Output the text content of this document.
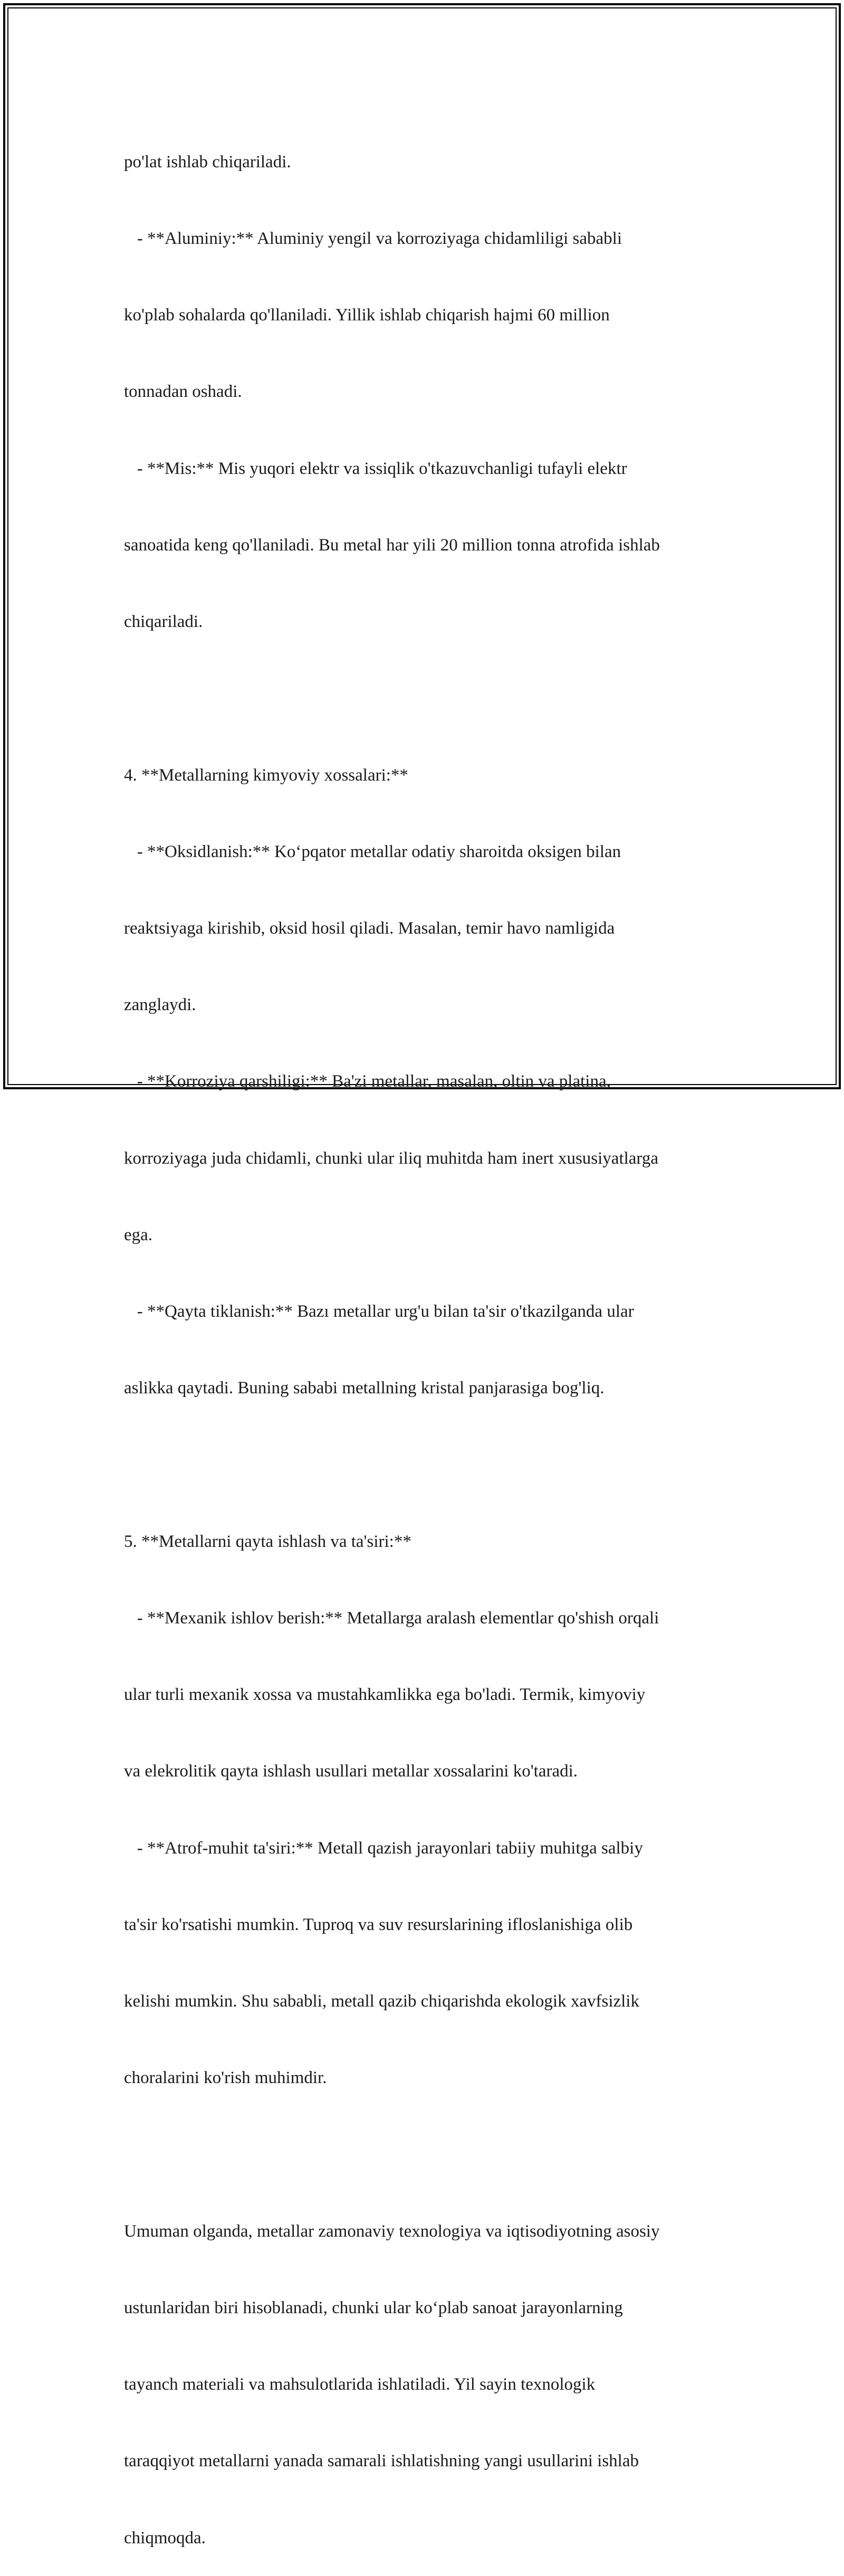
po'lat ishlab chiqariladi.

- **Aluminiy:** Aluminiy yengil va korroziyaga chidamliligi sababli

ko'plab sohalarda qo'llaniladi. Yillik ishlab chiqarish hajmi 60 million

tonnadan oshadi.

- **Mis:** Mis yuqori elektr va issiqlik o'tkazuvchanligi tufayli elektr

sanoatida keng qo'llaniladi. Bu metal har yili 20 million tonna atrofida ishlab

chiqariladi.

4. **Metallarning kimyoviy xossalari:**

- **Oksidlanish:** Ko‘pqator metallar odatiy sharoitda oksigen bilan

reaktsiyaga kirishib, oksid hosil qiladi. Masalan, temir havo namligida

zanglaydi.

- **Korroziya qarshiligi:** Ba'zi metallar, masalan, oltin va platina,

korroziyaga juda chidamli, chunki ular iliq muhitda ham inert xususiyatlarga

ega.

- **Qayta tiklanish:** Bazı metallar urg'u bilan ta'sir o'tkazilganda ular

aslikka qaytadi. Buning sababi metallning kristal panjarasiga bog'liq.

5. **Metallarni qayta ishlash va ta'siri:**

- **Mexanik ishlov berish:** Metallarga aralash elementlar qo'shish orqali

ular turli mexanik xossa va mustahkamlikka ega bo'ladi. Termik, kimyoviy

va elekrolitik qayta ishlash usullari metallar xossalarini ko'taradi.

- **Atrof-muhit ta'siri:** Metall qazish jarayonlari tabiiy muhitga salbiy

ta'sir ko'rsatishi mumkin. Tuproq va suv resurslarining ifloslanishiga olib

kelishi mumkin. Shu sababli, metall qazib chiqarishda ekologik xavfsizlik

choralarini ko'rish muhimdir.

Umuman olganda, metallar zamonaviy texnologiya va iqtisodiyotning asosiy

ustunlaridan biri hisoblanadi, chunki ular ko‘plab sanoat jarayonlarning

tayanch materiali va mahsulotlarida ishlatiladi. Yil sayin texnologik

taraqqiyot metallarni yanada samarali ishlatishning yangi usullarini ishlab

chiqmoqda.
